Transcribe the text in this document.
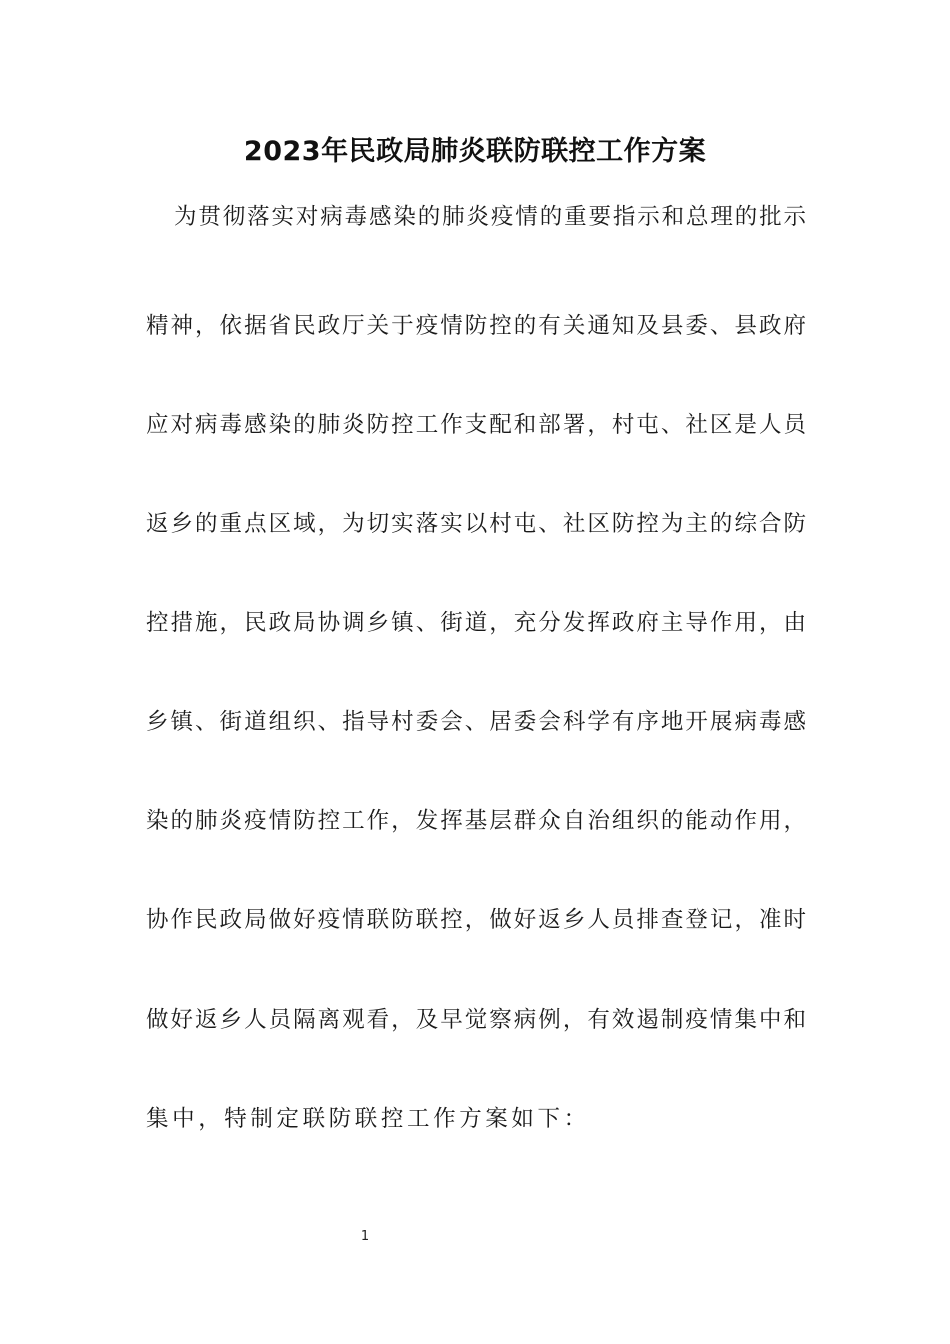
2023年民政局肺炎联防联控工作方案

为贯彻落实对病毒感染的肺炎疫情的重要指示和总理的批示

精神，依据省民政厅关于疫情防控的有关通知及县委、县政府

应对病毒感染的肺炎防控工作支配和部署，村屯、社区是人员

返乡的重点区域，为切实落实以村屯、社区防控为主的综合防

控措施，民政局协调乡镇、街道，充分发挥政府主导作用，由

乡镇、街道组织、指导村委会、居委会科学有序地开展病毒感

染的肺炎疫情防控工作，发挥基层群众自治组织的能动作用，

协作民政局做好疫情联防联控，做好返乡人员排查登记，准时

做好返乡人员隔离观看，及早觉察病例，有效遏制疫情集中和

集中，特制定联防联控工作方案如下：

1
